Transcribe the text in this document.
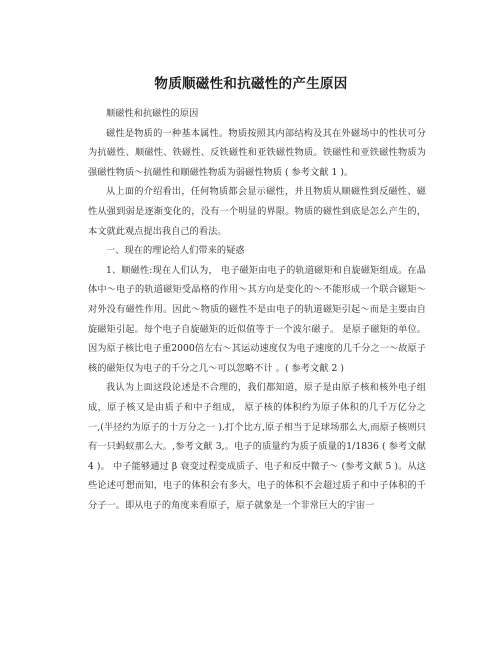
物质顺磁性和抗磁性的产生原因

顺磁性和抗磁性的原因

磁性是物质的一种基本属性。物质按照其内部结构及其在外磁场中的性状可分为抗磁性、顺磁性、铁磁性、反铁磁性和亚铁磁性物质。铁磁性和亚铁磁性物质为强磁性物质～抗磁性和顺磁性物质为弱磁性物质 ( 参考文献 1 )。

从上面的介绍看出，任何物质都会显示磁性，并且物质从顺磁性到反磁性、磁性从强到弱是逐渐变化的，没有一个明显的界限。物质的磁性到底是怎么产生的，本文就此观点提出我自己的看法。

一、现在的理论给人们带来的疑惑

1、顺磁性:现在人们认为， 电子磁矩由电子的轨道磁矩和自旋磁矩组成。在晶体中～电子的轨道磁矩受晶格的作用～其方向是变化的～不能形成一个联合磁矩～对外没有磁性作用。因此～物质的磁性不是由电子的轨道磁矩引起～而是主要由自旋磁矩引起。每个电子自旋磁矩的近似值等于一个波尔磁子。 是原子磁矩的单位。因为原子核比电子重2000倍左右～其运动速度仅为电子速度的几千分之一～故原子核的磁矩仅为电子的千分之几～可以忽略不计 。( 参考文献 2 )

我认为上面这段论述是不合理的，我们都知道，原子是由原子核和核外电子组成，原子核又是由质子和中子组成， 原子核的体积约为原子体积的几千万亿分之一,(半径约为原子的十万分之一 ).打个比方,原子相当于足球场那么大,而原子核则只有一只蚂蚁那么大。,参考文献 3,。电子的质量约为质子质量的1/1836 ( 参考文献 4 )。 中子能够通过 β 衰变过程变成质子、电子和反中微子～ (参考文献 5 )。从这些论述可想而知，电子的体积会有多大，电子的体积不会超过质子和中子体积的千分子一。即从电子的角度来看原子，原子就象是一个非常巨大的宇宙一
